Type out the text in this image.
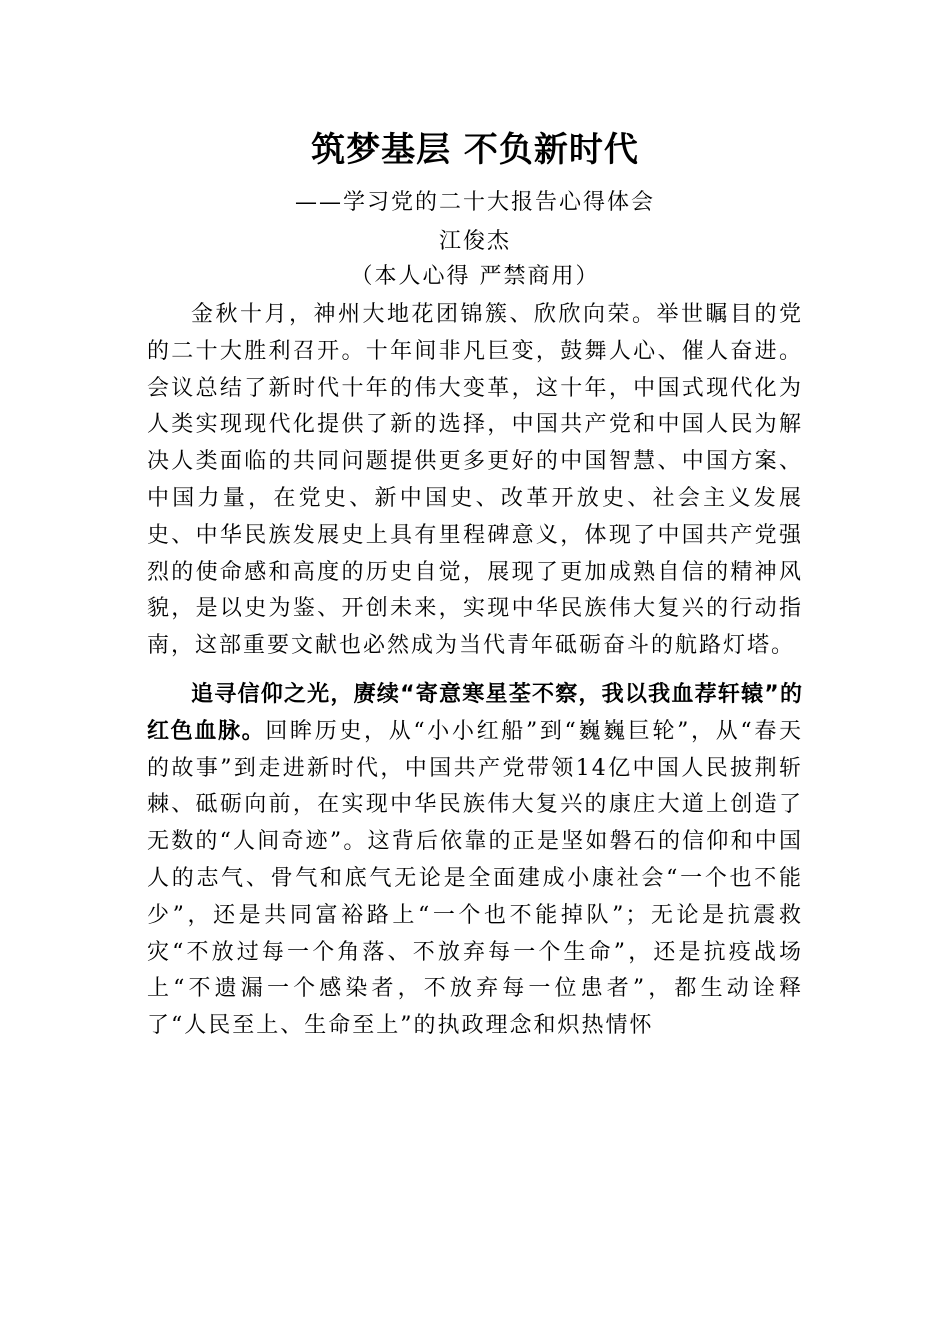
筑梦基层 不负新时代
——学习党的二十大报告心得体会
江俊杰
（本人心得 严禁商用）

金秋十月，神州大地花团锦簇、欣欣向荣。举世瞩目的党的二十大胜利召开。十年间非凡巨变，鼓舞人心、催人奋进。会议总结了新时代十年的伟大变革，这十年，中国式现代化为人类实现现代化提供了新的选择，中国共产党和中国人民为解决人类面临的共同问题提供更多更好的中国智慧、中国方案、中国力量，在党史、新中国史、改革开放史、社会主义发展史、中华民族发展史上具有里程碑意义，体现了中国共产党强烈的使命感和高度的历史自觉，展现了更加成熟自信的精神风貌，是以史为鉴、开创未来，实现中华民族伟大复兴的行动指南，这部重要文献也必然成为当代青年砥砺奋斗的航路灯塔。

追寻信仰之光，赓续“寄意寒星荃不察，我以我血荐轩辕”的红色血脉。回眸历史，从“小小红船”到“巍巍巨轮”，从“春天的故事”到走进新时代，中国共产党带领14亿中国人民披荆斩棘、砥砺向前，在实现中华民族伟大复兴的康庄大道上创造了无数的“人间奇迹”。这背后依靠的正是坚如磐石的信仰和中国人的志气、骨气和底气无论是全面建成小康社会“一个也不能少”，还是共同富裕路上“一个也不能掉队”；无论是抗震救灾“不放过每一个角落、不放弃每一个生命”，还是抗疫战场上“不遗漏一个感染者，不放弃每一位患者”，都生动诠释了“人民至上、生命至上”的执政理念和炽热情怀
